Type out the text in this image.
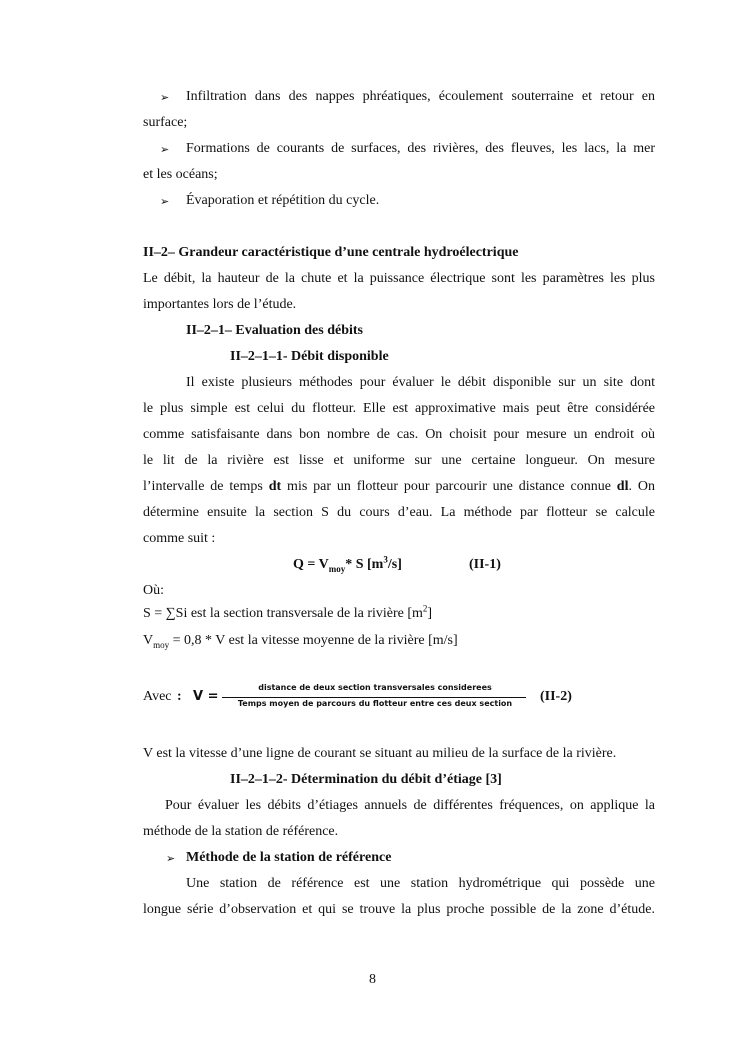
➢ Infiltration dans des nappes phréatiques, écoulement souterraine et retour en
surface;
➢ Formations de courants de surfaces, des rivières, des fleuves, les lacs, la mer
et les océans;
➢ Évaporation et répétition du cycle.
II–2– Grandeur caractéristique d’une centrale hydroélectrique
Le débit, la hauteur de la chute et la puissance électrique sont les paramètres les plus
importantes lors de l’étude.
II–2–1– Evaluation des débits
II–2–1–1- Débit disponible
Il existe plusieurs méthodes pour évaluer le débit disponible sur un site dont
le plus simple est celui du flotteur. Elle est approximative mais peut être considérée
comme satisfaisante dans bon nombre de cas. On choisit pour mesure un endroit où
le lit de la rivière est lisse et uniforme sur une certaine longueur. On mesure
l’intervalle de temps dt mis par un flotteur pour parcourir une distance connue dl. On
détermine ensuite la section S du cours d’eau. La méthode par flotteur se calcule
comme suit :
$Q = V_{moy}*$ S $[m^3/s]$	(II-1)
Où:
S = ∑Si est la section transversale de la rivière $[m^2]$
$V_{moy} = 0,8 * V$ est la vitesse moyenne de la rivière [m/s]
Avec : V =
distance de deux section transversales considerees
Temps moyen de parcours du flotteur entre ces deux section	(II-2)
V est la vitesse d’une ligne de courant se situant au milieu de la surface de la rivière.
II–2–1–2- Détermination du débit d’étiage [3]
Pour évaluer les débits d’étiages annuels de différentes fréquences, on applique la
méthode de la station de référence.
➢ Méthode de la station de référence
Une station de référence est une station hydrométrique qui possède une
longue série d’observation et qui se trouve la plus proche possible de la zone d’étude.
8
